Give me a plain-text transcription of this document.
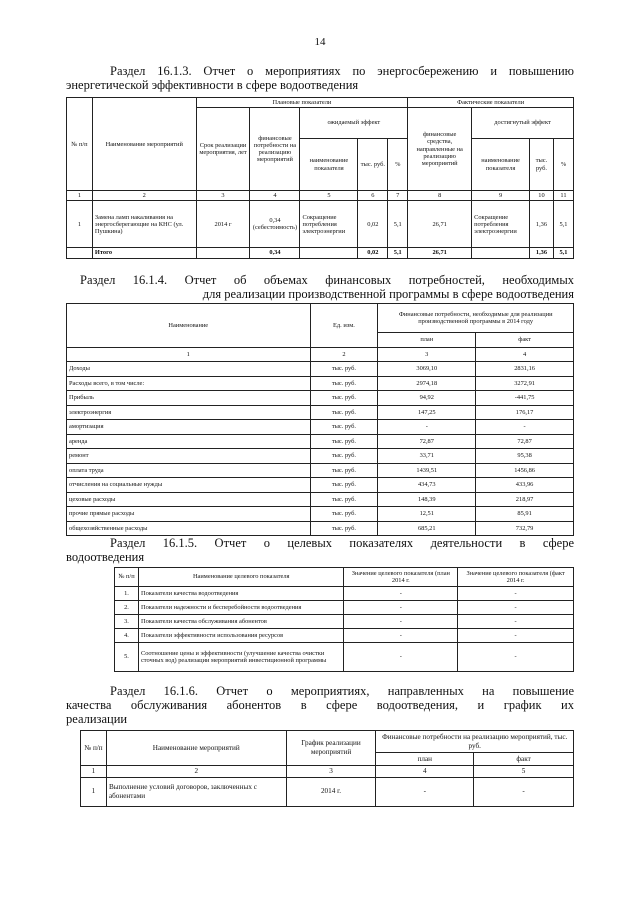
14
Раздел 16.1.3. Отчет о мероприятиях по энергосбережению и повышению
энергетической эффективности в сфере водоотведения
№ п/п	Наименование мероприятий	Плановые показатели					Фактические показатели			
		Срок реализации мероприятия, лет	финансовые потребности на реализацию мероприятий	ожидаемый эффект			финансовые средства, направленные на реализацию мероприятий	достигнутый эффект		
				наименование показателя	тыс. руб.	%		наименование показателя	тыс. руб.	%
1	2	3	4	5	6	7	8	9	10	11
1	Замена ламп накаливания на энергосберегающие на КНС (ул. Пушкина)	2014 г	0,34 (себестоимость)	Сокращение потребления электроэнергии	0,02	5,1	26,71	Сокращение потребления электроэнергии	1,36	5,1
	Итого		0,34		0,02	5,1	26,71		1,36	5,1
Раздел 16.1.4. Отчет об объемах финансовых потребностей, необходимых
для реализации производственной программы в сфере водоотведения
Наименование	Ед. изм.	Финансовые потребности, необходимые для реализации производственной программы в 2014 году	
		план	факт
1	2	3	4
Доходы	тыс. руб.	3069,10	2831,16
Расходы всего, в том числе:	тыс. руб.	2974,18	3272,91
Прибыль	тыс. руб.	94,92	-441,75
электроэнергия	тыс. руб.	147,25	176,17
амортизация	тыс. руб.	-	-
аренда	тыс. руб.	72,87	72,87
ремонт	тыс. руб.	33,71	95,38
оплата труда	тыс. руб.	1439,51	1456,86
отчисления на социальные нужды	тыс. руб.	434,73	433,96
цеховые расходы	тыс. руб.	148,39	218,97
прочие прямые расходы	тыс. руб.	12,51	85,91
общехозяйственные расходы	тыс. руб.	685,21	732,79
Раздел 16.1.5. Отчет о целевых показателях деятельности в сфере
водоотведения
№ п/п	Наименование целевого показателя	Значение целевого показателя (план 2014 г.	Значение целевого показателя (факт 2014 г.
1.	Показатели качества водоотведения	-	-
2.	Показатели надежности и бесперебойности водоотведения	-	-
3.	Показатели качества обслуживания абонентов	-	-
4.	Показатели эффективности использования ресурсов	-	-
5.	Соотношение цены и эффективности (улучшение качества очистки сточных вод) реализации мероприятий инвестиционной программы	-	-
Раздел 16.1.6. Отчет о мероприятиях, направленных на повышение
качества обслуживания абонентов в сфере водоотведения, и график их
реализации
№ п/п	Наименование мероприятий	График реализации мероприятий	Финансовые потребности на реализацию мероприятий, тыс. руб.	
			план	факт
1	2	3	4	5
1	Выполнение условий договоров, заключенных с абонентами	2014 г.	-	-
